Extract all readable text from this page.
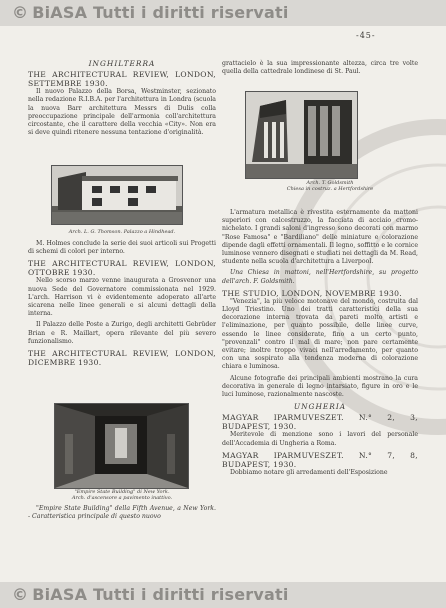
© BiASA Tutti i diritti riservati
-45-

INGHILTERRA

THE ARCHITECTURAL REVIEW, LONDON, SETTEMBRE 1930.

Il nuovo Palazzo della Borsa, Westminster, sezionato nella redazione R.I.B.A. per l'architettura in Londra (scuola la nuova Barr architettura Messrs di Dulis colla preoccupazione principale dell'armonia coll'architettura circostante, che il carattere della vecchia «City». Non era si deve quindi ritenere nessuna tentazione d'originalità.

Arch. L. G. Thomson. Palazzo a Hindhead.

M. Holmes conclude la serie dei suoi articoli sui Progetti di schemi di colori per interno.

THE ARCHITECTURAL REVIEW, LONDON, OTTOBRE 1930.

Nello scorso marzo venne inaugurata a Grosvenor una nuova Sede del Governatore commissionata nel 1929. L'arch. Harrison vi è evidentemente adoperato all'arte sicarena nelle linee generali e si alcuni dettagli della interna.

Il Palazzo delle Poste a Zurigo, degli architetti Gebrüder Brian e R. Maillart, opera rilevante del più severo funzionalismo.

THE ARCHITECTURAL REVIEW, LONDON, DICEMBRE 1930.

"Empire State Building" di New York.

Arch. d'ascensore a pavimento inattivo.

"Empire State Building" della Fifth Avenue, a New York. - Caratteristica principale di questo nuovo

grattacielo è la sua impressionante altezza, circa tre volte quella della cattedrale londinese di St. Paul.

Arch. T. Goldsmith

Chiesa in costruz. a Hertfordshire

L'armatura metallica è rivestita esternamente da mattoni superiori con calcestruzzo, la facciata di acciaio cromo-nichelato. I grandi saloni d'ingresso sono decorati con marmo "Rose Famosa" e "Bardiliano" delle miniature e colorazione dipende dagli effetti ornamentali. Il legno, soffitto e le cornice luminose vennero disegnati e studiati nei dettagli da M. Read, studente nella scuola d'architettura a Liverpool.

Una Chiesa in mattoni, nell'Hertfordshire, su progetto dell'arch. F. Goldsmith.

THE STUDIO, LONDON, NOVEMBRE 1930.

"Venezia", la più veloce motonave del mondo, costruita dal Lloyd Triestino. Uno dei tratti caratteristici della sua decorazione interna trovata da pareti molto artisti e l'eliminazione, per quanto possibile, delle linee curve, essendo le linee considerate, fino a un certo punto, "provenzali" contro il mal di mare; non pare certamente evitare; inoltre troppo vivaci nell'arredamento, per quanto con una sospirato alla tendenza moderna di colorazione chiara e luminosa.

Alcune fotografie dei principali ambienti mostrano la cura decorativa in generale di legno intarsiato, figure in oro e le luci luminose, razionalmente nascoste.

UNGHERIA

MAGYAR IPARMUVESZET. N.° 2, 3, BUDAPEST, 1930.

Meritevole di menzione sono i lavori del personale dell'Accademia di Ungheria a Roma.

MAGYAR IPARMUVESZET. N.° 7, 8, BUDAPEST, 1930.

Dobbiamo notare gli arredamenti dell'Esposizione

© BiASA Tutti i diritti riservati
